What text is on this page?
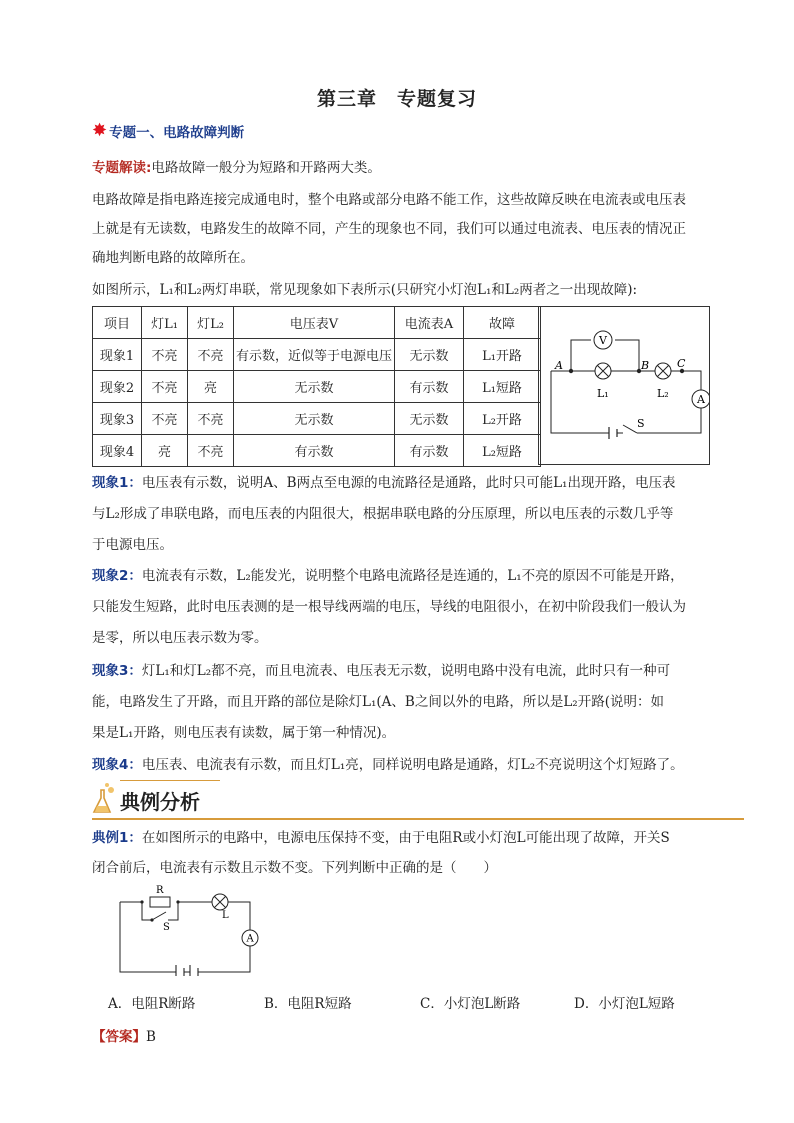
第三章　专题复习
✸ 专题一、电路故障判断
专题解读:电路故障一般分为短路和开路两大类。
电路故障是指电路连接完成通电时，整个电路或部分电路不能工作，这些故障反映在电流表或电压表
上就是有无读数，电路发生的故障不同，产生的现象也不同，我们可以通过电流表、电压表的情况正
确地判断电路的故障所在。
如图所示，L₁和L₂两灯串联，常见现象如下表所示(只研究小灯泡L₁和L₂两者之一出现故障):
项目	灯L₁	灯L₂	电压表V	电流表A	故障
现象1	不亮	不亮	有示数，近似等于电源电压	无示数	L₁开路
现象2	不亮	亮	无示数	有示数	L₁短路
现象3	不亮	不亮	无示数	无示数	L₂开路
现象4	亮	不亮	有示数	有示数	L₂短路
V
A
A	B	C
L₁	L₂
S
现象1：电压表有示数，说明A、B两点至电源的电流路径是通路，此时只可能L₁出现开路，电压表
与L₂形成了串联电路，而电压表的内阻很大，根据串联电路的分压原理，所以电压表的示数几乎等
于电源电压。
现象2：电流表有示数，L₂能发光，说明整个电路电流路径是连通的，L₁不亮的原因不可能是开路，
只能发生短路，此时电压表测的是一根导线两端的电压，导线的电阻很小，在初中阶段我们一般认为
是零，所以电压表示数为零。
现象3：灯L₁和灯L₂都不亮，而且电流表、电压表无示数，说明电路中没有电流，此时只有一种可
能，电路发生了开路，而且开路的部位是除灯L₁(A、B之间以外的电路，所以是L₂开路(说明：如
果是L₁开路，则电压表有读数，属于第一种情况)。
现象4：电压表、电流表有示数，而且灯L₁亮，同样说明电路是通路，灯L₂不亮说明这个灯短路了。
典例分析
典例1：在如图所示的电路中，电源电压保持不变，由于电阻R或小灯泡L可能出现了故障，开关S
闭合前后，电流表有示数且示数不变。下列判断中正确的是（　　）
A
R
L
S
A．电阻R断路	B．电阻R短路	C．小灯泡L断路	D．小灯泡L短路
【答案】B
